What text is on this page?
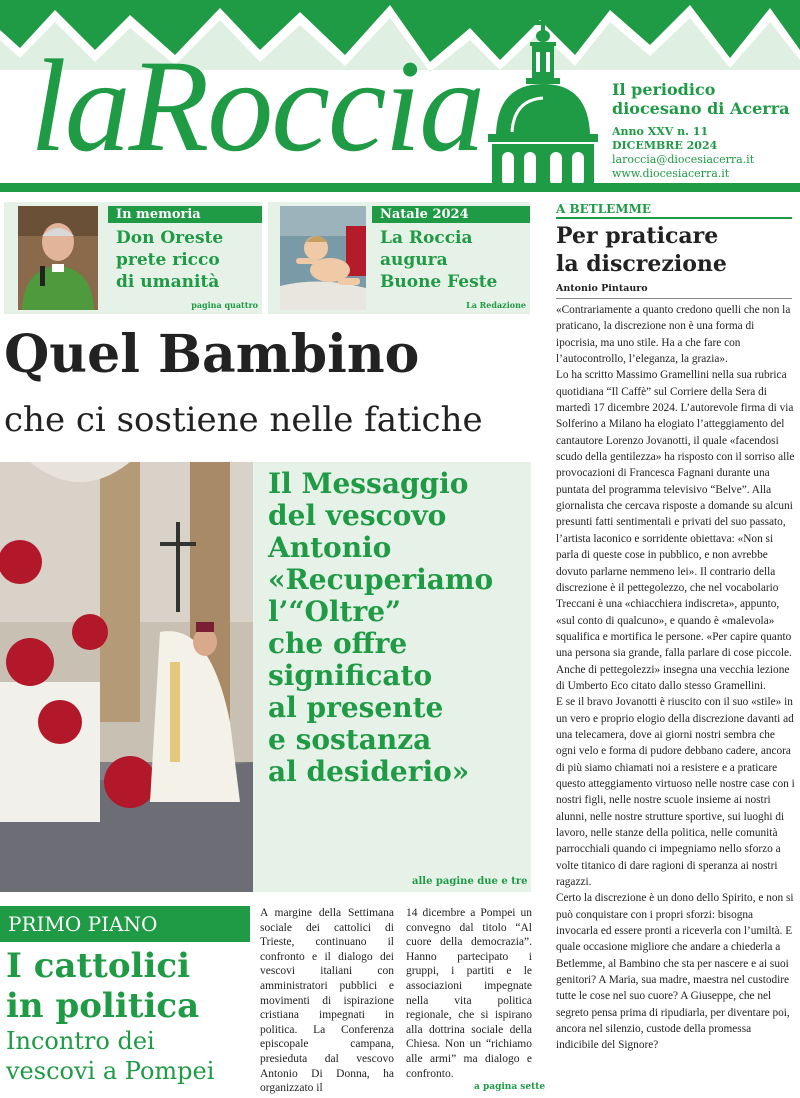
laRoccia	Il periodico
diocesano di Acerra
Anno XXV n. 11
DICEMBRE 2024
laroccia@diocesiacerra.it
www.diocesiacerra.it
In memoria
Don Oreste
prete ricco
di umanità
pagina quattro
Natale 2024
La Roccia
augura
Buone Feste
La Redazione
Quel Bambino
che ci sostiene nelle fatiche
Il Messaggio
del vescovo
Antonio
«Recuperiamo
l’“Oltre”
che offre
significato
al presente
e sostanza
al desiderio»
alle pagine due e tre
PRIMO PIANO
I cattolici
in politica
Incontro dei
vescovi a Pompei
A margine della Settimana sociale dei cattolici di Trieste, continuano il confronto e il dialogo dei vescovi italiani con amministratori pubblici e movimenti di ispirazione cristiana impegnati in politica. La Conferenza episcopale campana, presieduta dal vescovo Antonio Di Donna, ha organizzato il
14 dicembre a Pompei un convegno dal titolo “Al cuore della democrazia”. Hanno partecipato i gruppi, i partiti e le associazioni impegnate nella vita politica regionale, che si ispirano alla dottrina sociale della Chiesa. Non un “richiamo alle armi” ma dialogo e confronto.
a pagina sette
A BETLEMME
Per praticare
la discrezione
Antonio Pintauro

«Contrariamente a quanto credono quelli che non la praticano, la discrezione non è una forma di ipocrisia, ma uno stile. Ha a che fare con l’autocontrollo, l’eleganza, la grazia».

Lo ha scritto Massimo Gramellini nella sua rubrica quotidiana “Il Caffè” sul Corriere della Sera di martedì 17 dicembre 2024. L’autorevole firma di via Solferino a Milano ha elogiato l’atteggiamento del cantautore Lorenzo Jovanotti, il quale «facendosi scudo della gentilezza» ha risposto con il sorriso alle provocazioni di Francesca Fagnani durante una puntata del programma televisivo “Belve”. Alla giornalista che cercava risposte a domande su alcuni presunti fatti sentimentali e privati del suo passato, l’artista laconico e sorridente obiettava: «Non si parla di queste cose in pubblico, e non avrebbe dovuto parlarne nemmeno lei». Il contrario della discrezione è il pettegolezzo, che nel vocabolario Treccani è una «chiacchiera indiscreta», appunto, «sul conto di qualcuno», e quando è «malevola» squalifica e mortifica le persone. «Per capire quanto una persona sia grande, falla parlare di cose piccole. Anche di pettegolezzi» insegna una vecchia lezione di Umberto Eco citato dallo stesso Gramellini.

E se il bravo Jovanotti è riuscito con il suo «stile» in un vero e proprio elogio della discrezione davanti ad una telecamera, dove ai giorni nostri sembra che ogni velo e forma di pudore debbano cadere, ancora di più siamo chiamati noi a resistere e a praticare questo atteggiamento virtuoso nelle nostre case con i nostri figli, nelle nostre scuole insieme ai nostri alunni, nelle nostre strutture sportive, sui luoghi di lavoro, nelle stanze della politica, nelle comunità parrocchiali quando ci impegniamo nello sforzo a volte titanico di dare ragioni di speranza ai nostri ragazzi.

Certo la discrezione è un dono dello Spirito, e non si può conquistare con i propri sforzi: bisogna invocarla ed essere pronti a riceverla con l’umiltà. E quale occasione migliore che andare a chiederla a Betlemme, al Bambino che sta per nascere e ai suoi genitori? A Maria, sua madre, maestra nel custodire tutte le cose nel suo cuore? A Giuseppe, che nel segreto pensa prima di ripudiarla, per diventare poi, ancora nel silenzio, custode della promessa indicibile del Signore?
